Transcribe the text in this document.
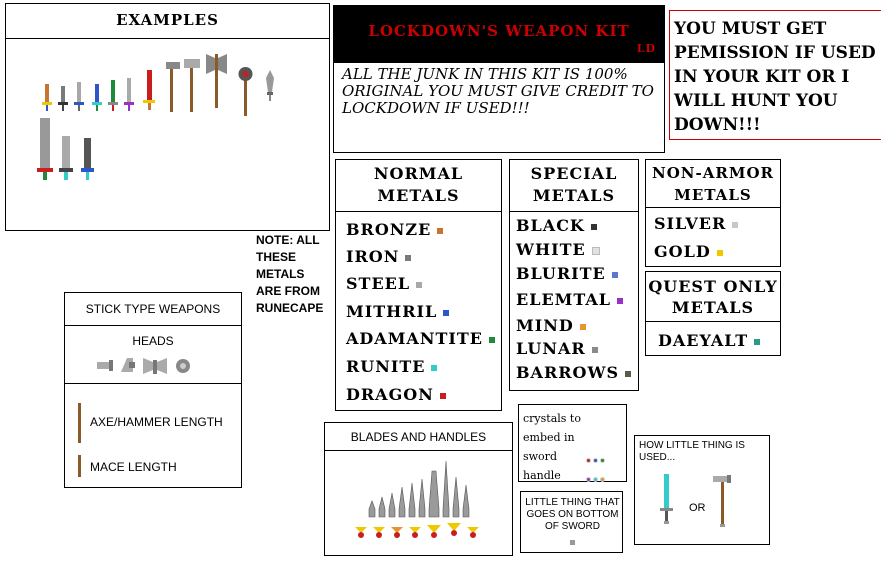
EXAMPLES
LOCKDOWN'S WEAPON KIT
LD
ALL THE JUNK IN THIS KIT IS 100% ORIGINAL YOU MUST GIVE CREDIT TO LOCKDOWN IF USED!!!
YOU MUST GET PEMISSION IF USED IN YOUR KIT OR I WILL HUNT YOU DOWN!!!
NORMAL
METALS
BRONZE
IRON
STEEL
MITHRIL
ADAMANTITE
RUNITE
DRAGON
SPECIAL
METALS
BLACK
WHITE
BLURITE
ELEMTAL
MIND
LUNAR
BARROWS
NON-ARMOR
METALS
SILVER
GOLD
QUEST ONLY
METALS
DAEYALT
NOTE: ALL THESE METALS ARE FROM RUNECAPE
STICK TYPE WEAPONS
HEADS
AXE/HAMMER LENGTH
MACE LENGTH
BLADES AND HANDLES
crystals to embed in sword handle
LITTLE THING THAT GOES ON BOTTOM OF SWORD
HOW LITTLE THING IS USED...
OR
